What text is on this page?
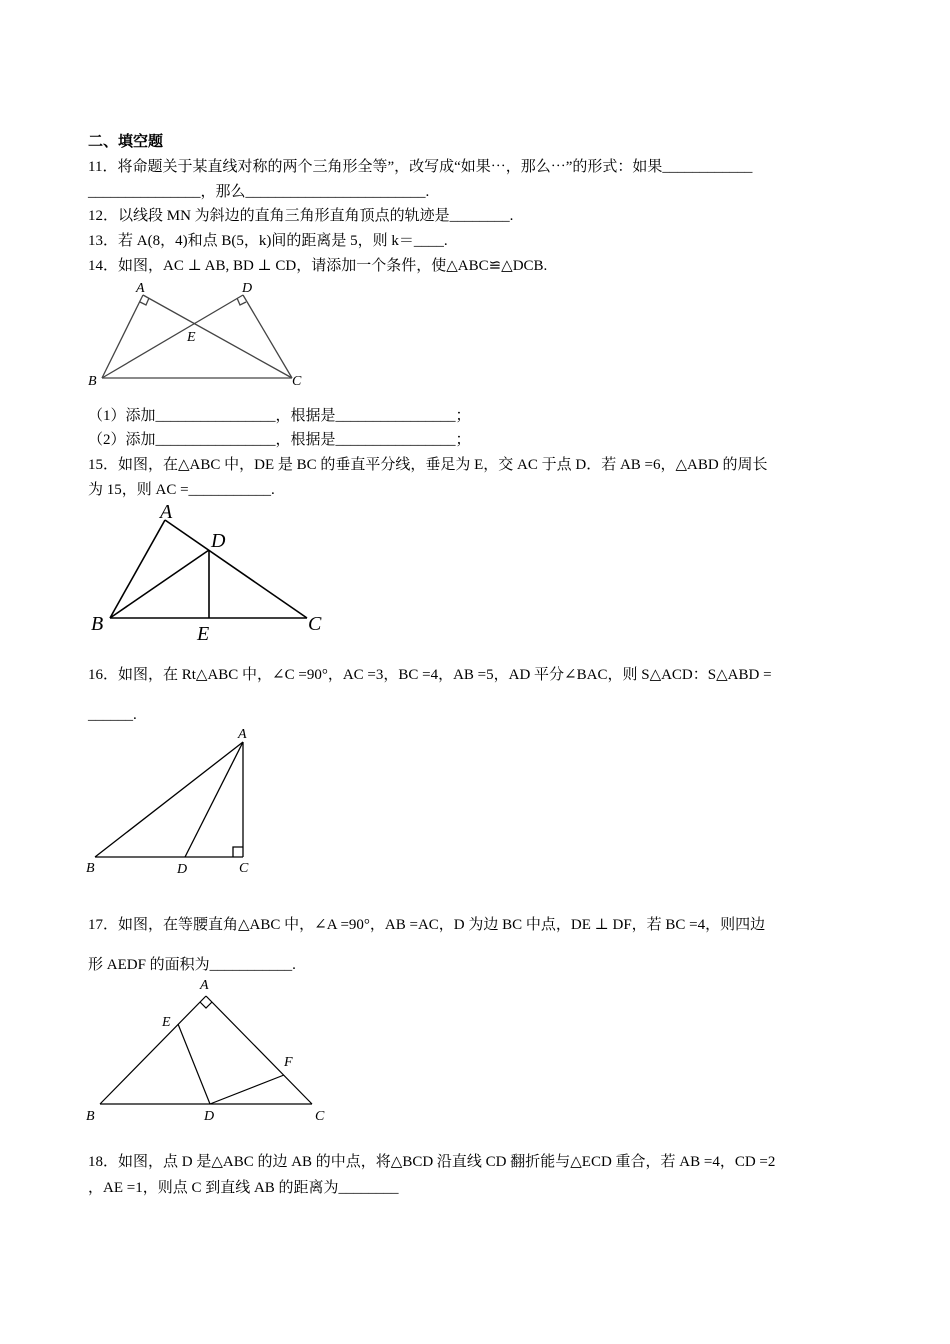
二、填空题
11．将命题关于某直线对称的两个三角形全等”，改写成“如果⋯，那么⋯”的形式：如果____________
_______________，那么________________________.
12．以线段 MN 为斜边的直角三角形直角顶点的轨迹是________.
13．若 A(8，4)和点 B(5，k)间的距离是 5，则 k＝____.
14．如图，AC ⊥ AB, BD ⊥ CD，请添加一个条件，使△ABC≌△DCB.
A	D
E
B	C
（1）添加________________，根据是________________；
（2）添加________________，根据是________________；
15．如图，在△ABC 中，DE 是 BC 的垂直平分线，垂足为 E，交 AC 于点 D．若 AB =6，△ABD 的周长
为 15，则 AC =___________.
A
D
B	E	C
16．如图，在 Rt△ABC 中，∠C =90°，AC =3，BC =4，AB =5，AD 平分∠BAC，则 S△ACD：S△ABD =
______.
A
B	D	C
17．如图，在等腰直角△ABC 中，∠A =90°，AB =AC，D 为边 BC 中点，DE ⊥ DF，若 BC =4，则四边
形 AEDF 的面积为___________.
A
E
F
B	D	C
18．如图，点 D 是△ABC 的边 AB 的中点，将△BCD 沿直线 CD 翻折能与△ECD 重合，若 AB =4，CD =2
，AE =1，则点 C 到直线 AB 的距离为________
